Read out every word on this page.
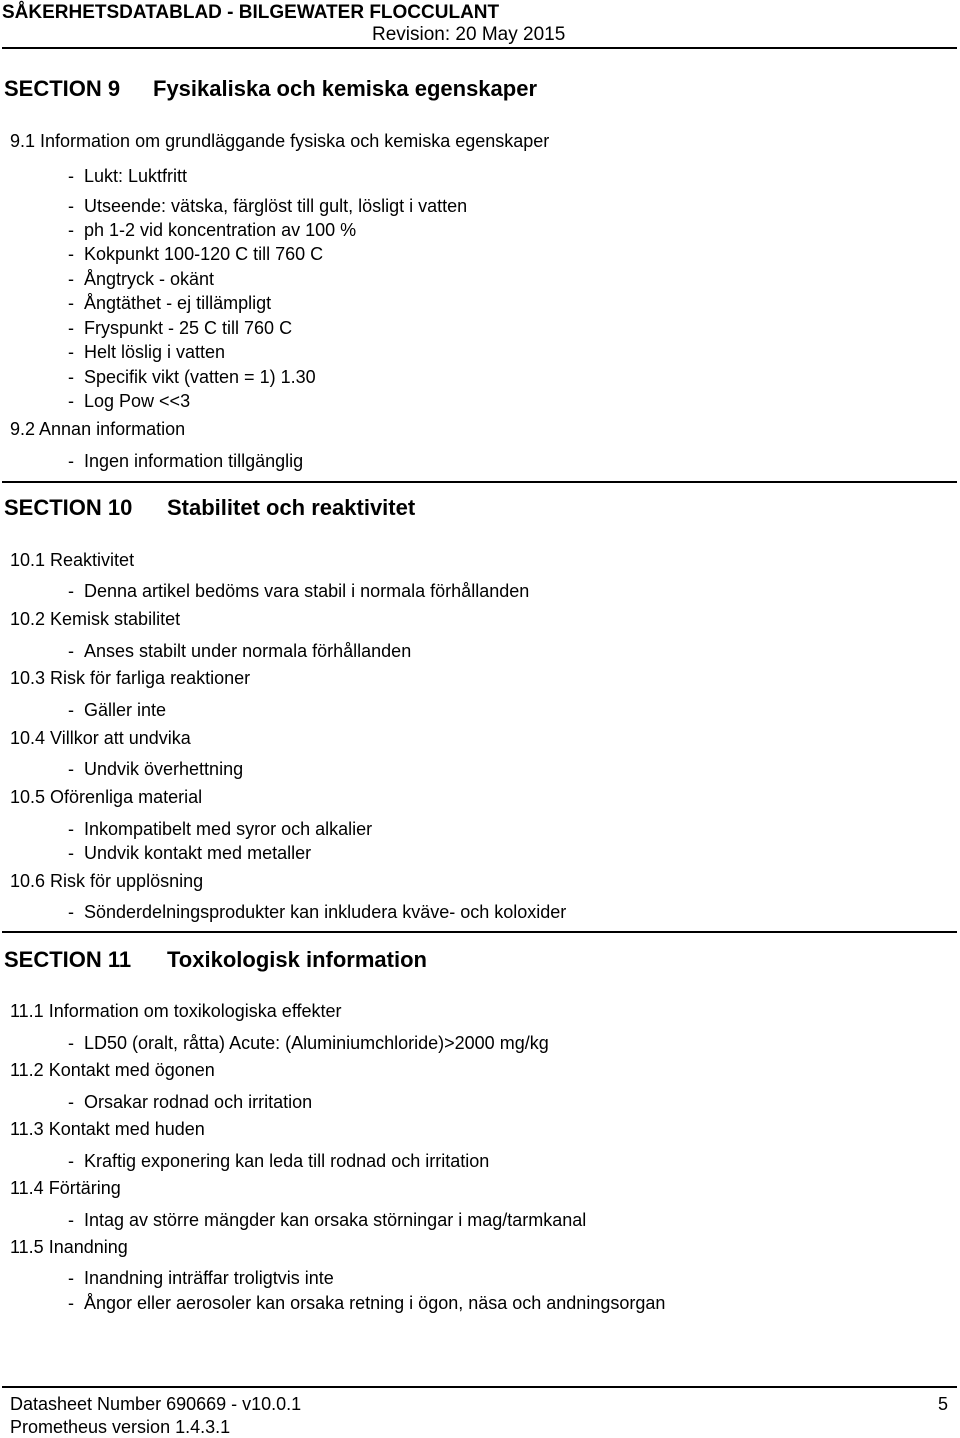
SÅKERHETSDATABLAD - BILGEWATER FLOCCULANT
Revision: 20 May 2015
SECTION 9 Fysikaliska och kemiska egenskaper
9.1 Information om grundläggande fysiska och kemiska egenskaper
-  Lukt: Luktfritt
-  Utseende: vätska, färglöst till gult, lösligt i vatten
-  ph 1-2 vid koncentration av 100 %
-  Kokpunkt 100-120 C till 760 C
-  Ångtryck - okänt
-  Ångtäthet - ej tillämpligt
-  Fryspunkt - 25 C till 760 C
-  Helt löslig i vatten
-  Specifik vikt (vatten = 1) 1.30
-  Log Pow <<3
9.2 Annan information
-  Ingen information tillgänglig
SECTION 10 Stabilitet och reaktivitet
10.1 Reaktivitet
-  Denna artikel bedöms vara stabil i normala förhållanden
10.2 Kemisk stabilitet
-  Anses stabilt under normala förhållanden
10.3 Risk för farliga reaktioner
-  Gäller inte
10.4 Villkor att undvika
-  Undvik överhettning
10.5 Oförenliga material
-  Inkompatibelt med syror och alkalier
-  Undvik kontakt med metaller
10.6 Risk för upplösning
-  Sönderdelningsprodukter kan inkludera kväve- och koloxider
SECTION 11 Toxikologisk information
11.1 Information om toxikologiska effekter
-  LD50 (oralt, råtta) Acute: (Aluminiumchloride)>2000 mg/kg
11.2 Kontakt med ögonen
-  Orsakar rodnad och irritation
11.3 Kontakt med huden
-  Kraftig exponering kan leda till rodnad och irritation
11.4 Förtäring
-  Intag av större mängder kan orsaka störningar i mag/tarmkanal
11.5 Inandning
-  Inandning inträffar troligtvis inte
-  Ångor eller aerosoler kan orsaka retning i ögon, näsa och andningsorgan
Datasheet Number 690669 - v10.0.1	5
Prometheus version 1.4.3.1
